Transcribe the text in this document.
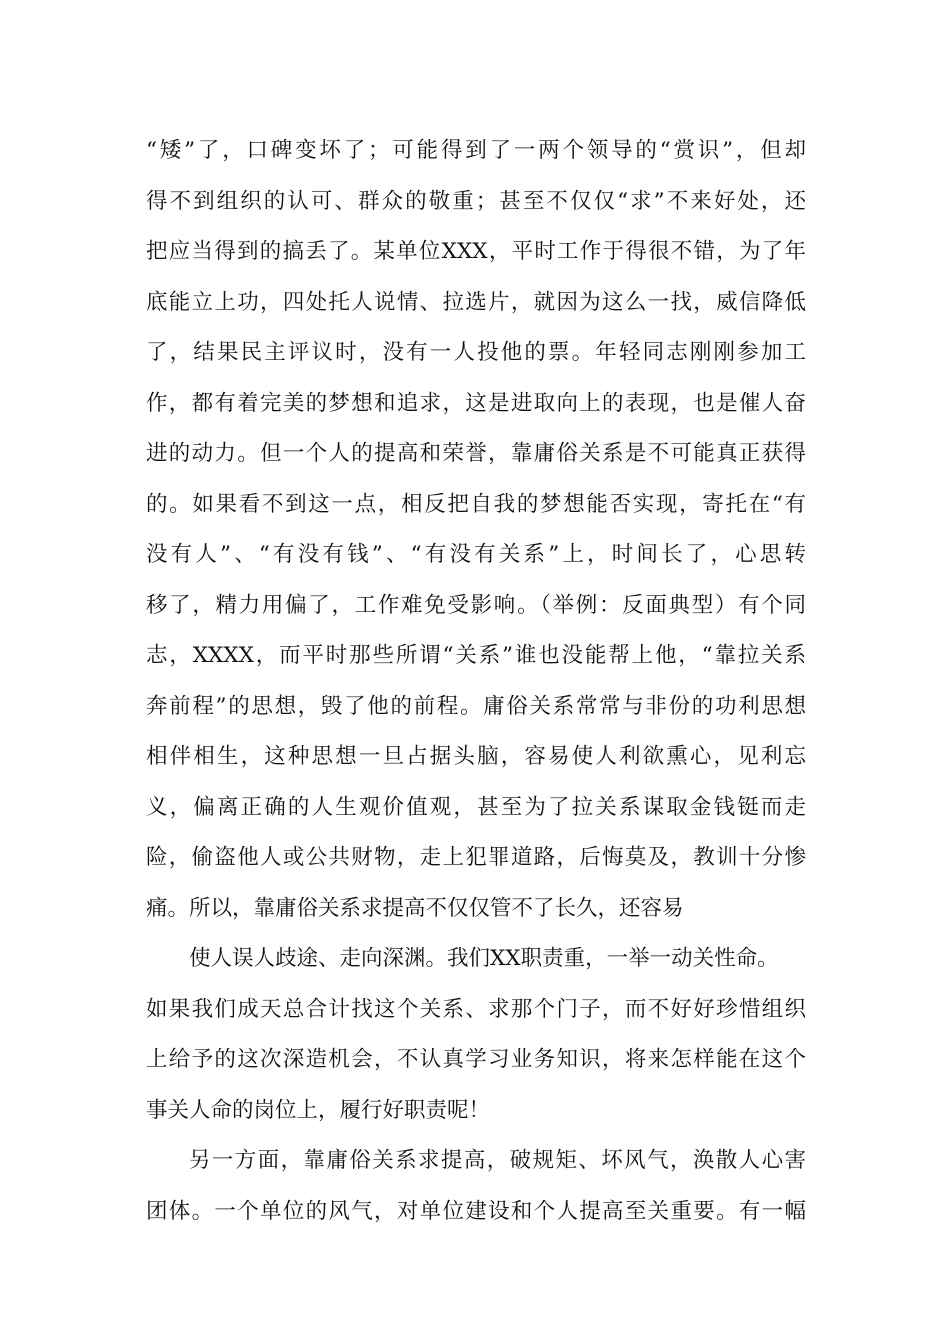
“矮”了，口碑变坏了；可能得到了一两个领导的“赏识”，但却
得不到组织的认可、群众的敬重；甚至不仅仅“求”不来好处，还
把应当得到的搞丢了。某单位XXX，平时工作于得很不错，为了年
底能立上功，四处托人说情、拉选片，就因为这么一找，威信降低
了，结果民主评议时，没有一人投他的票。年轻同志刚刚参加工
作，都有着完美的梦想和追求，这是进取向上的表现，也是催人奋
进的动力。但一个人的提高和荣誉，靠庸俗关系是不可能真正获得
的。如果看不到这一点，相反把自我的梦想能否实现，寄托在“有
没有人”、“有没有钱”、“有没有关系”上，时间长了，心思转
移了，精力用偏了，工作难免受影响。（举例：反面典型）有个同
志，XXXX，而平时那些所谓“关系”谁也没能帮上他，“靠拉关系
奔前程”的思想，毁了他的前程。庸俗关系常常与非份的功利思想
相伴相生，这种思想一旦占据头脑，容易使人利欲熏心，见利忘
义，偏离正确的人生观价值观，甚至为了拉关系谋取金钱铤而走
险，偷盗他人或公共财物，走上犯罪道路，后悔莫及，教训十分惨
痛。所以，靠庸俗关系求提高不仅仅管不了长久，还容易
使人误人歧途、走向深渊。我们XX职责重，一举一动关性命。
如果我们成天总合计找这个关系、求那个门子，而不好好珍惜组织
上给予的这次深造机会，不认真学习业务知识，将来怎样能在这个
事关人命的岗位上，履行好职责呢！
另一方面，靠庸俗关系求提高，破规矩、坏风气，涣散人心害
团体。一个单位的风气，对单位建设和个人提高至关重要。有一幅
